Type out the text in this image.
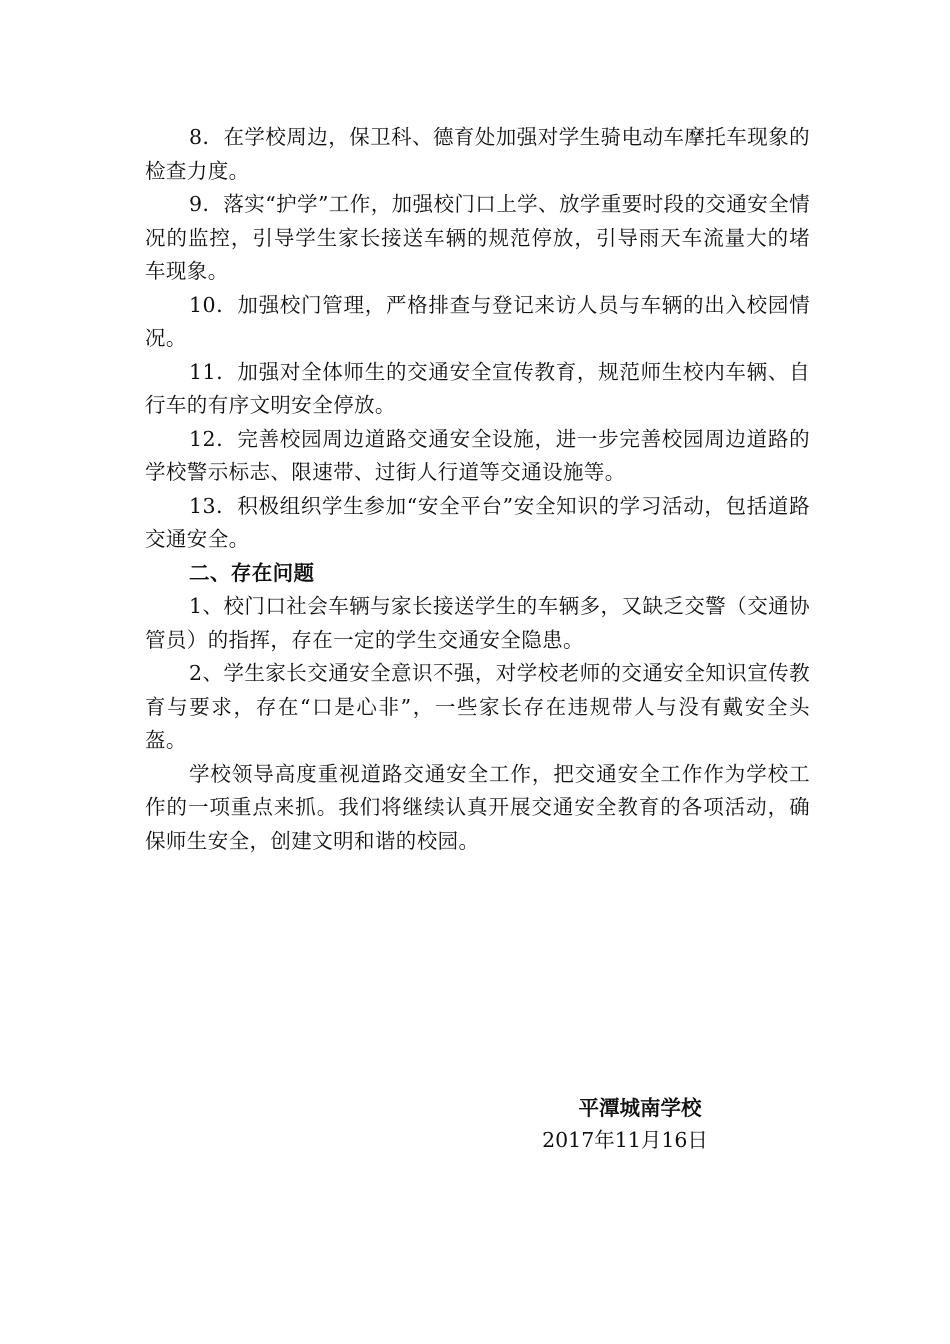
8．在学校周边，保卫科、德育处加强对学生骑电动车摩托车现象的检查力度。

9．落实“护学”工作，加强校门口上学、放学重要时段的交通安全情况的监控，引导学生家长接送车辆的规范停放，引导雨天车流量大的堵车现象。

10．加强校门管理，严格排查与登记来访人员与车辆的出入校园情况。

11．加强对全体师生的交通安全宣传教育，规范师生校内车辆、自行车的有序文明安全停放。

12．完善校园周边道路交通安全设施，进一步完善校园周边道路的学校警示标志、限速带、过街人行道等交通设施等。

13．积极组织学生参加“安全平台”安全知识的学习活动，包括道路交通安全。

二、存在问题

1、校门口社会车辆与家长接送学生的车辆多，又缺乏交警（交通协管员）的指挥，存在一定的学生交通安全隐患。

2、学生家长交通安全意识不强，对学校老师的交通安全知识宣传教育与要求，存在“口是心非”，一些家长存在违规带人与没有戴安全头盔。

学校领导高度重视道路交通安全工作，把交通安全工作作为学校工作的一项重点来抓。我们将继续认真开展交通安全教育的各项活动，确保师生安全，创建文明和谐的校园。

平潭城南学校

2017年11月16日
